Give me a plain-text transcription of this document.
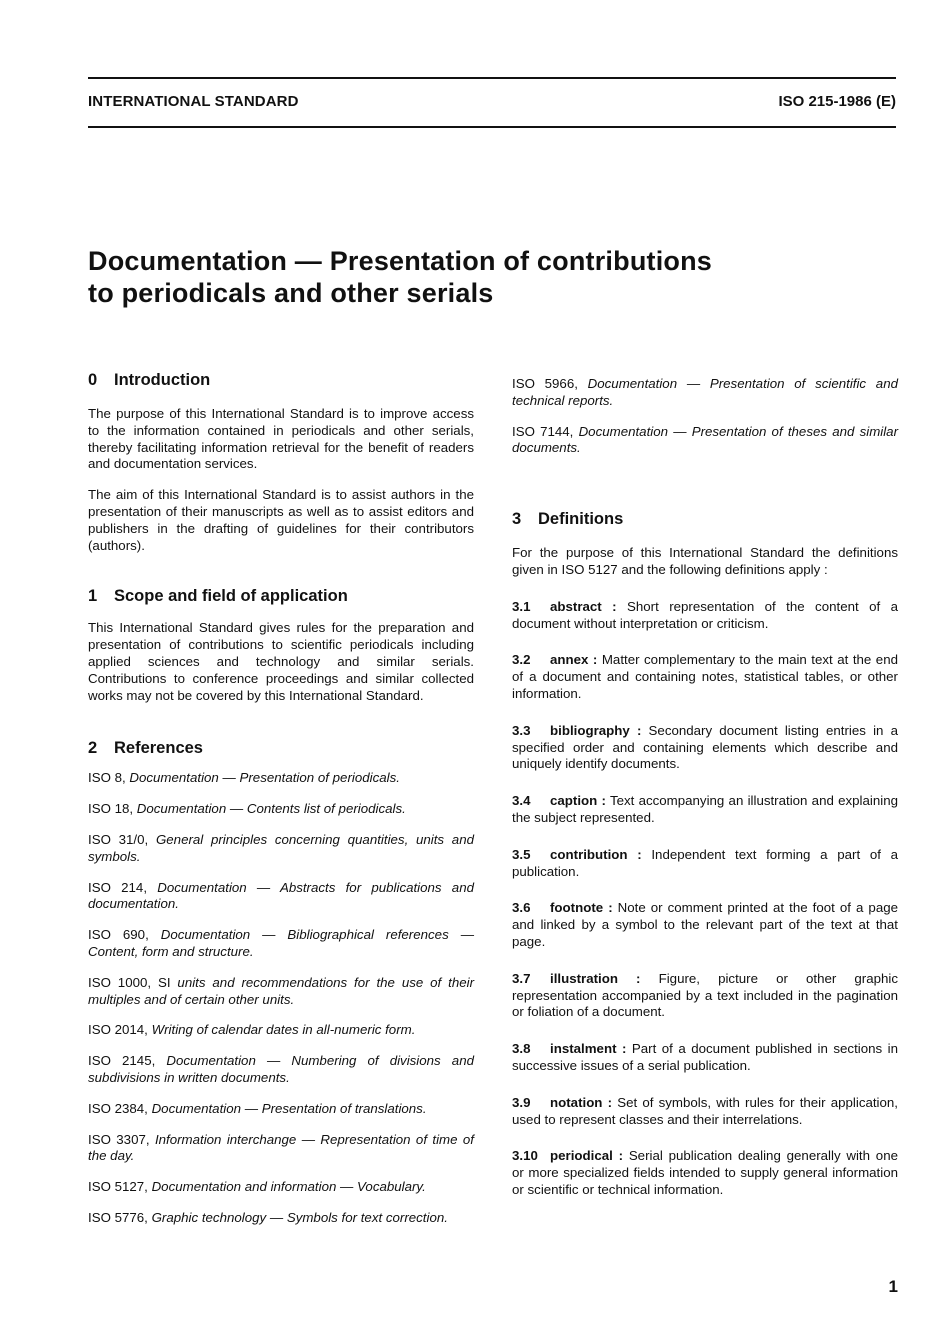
INTERNATIONAL STANDARD	ISO 215-1986 (E)
Documentation — Presentation of contributions
to periodicals and other serials
0 Introduction

The purpose of this International Standard is to improve access to the information contained in periodicals and other serials, thereby facilitating information retrieval for the benefit of readers and documentation services.

The aim of this International Standard is to assist authors in the presentation of their manuscripts as well as to assist editors and publishers in the drafting of guidelines for their contributors (authors).

1 Scope and field of application

This International Standard gives rules for the preparation and presentation of contributions to scientific periodicals including applied sciences and technology and similar serials. Contributions to conference proceedings and similar collected works may not be covered by this International Standard.

2 References

ISO 8, Documentation — Presentation of periodicals.

ISO 18, Documentation — Contents list of periodicals.

ISO 31/0, General principles concerning quantities, units and symbols.

ISO 214, Documentation — Abstracts for publications and documentation.

ISO 690, Documentation — Bibliographical references — Content, form and structure.

ISO 1000, SI units and recommendations for the use of their multiples and of certain other units.

ISO 2014, Writing of calendar dates in all-numeric form.

ISO 2145, Documentation — Numbering of divisions and subdivisions in written documents.

ISO 2384, Documentation — Presentation of translations.

ISO 3307, Information interchange — Representation of time of the day.

ISO 5127, Documentation and information — Vocabulary.

ISO 5776, Graphic technology — Symbols for text correction.

ISO 5966, Documentation — Presentation of scientific and technical reports.

ISO 7144, Documentation — Presentation of theses and similar documents.

3 Definitions

For the purpose of this International Standard the definitions given in ISO 5127 and the following definitions apply :

3.1 abstract : Short representation of the content of a document without interpretation or criticism.

3.2 annex : Matter complementary to the main text at the end of a document and containing notes, statistical tables, or other information.

3.3 bibliography : Secondary document listing entries in a specified order and containing elements which describe and uniquely identify documents.

3.4 caption : Text accompanying an illustration and explaining the subject represented.

3.5 contribution : Independent text forming a part of a publication.

3.6 footnote : Note or comment printed at the foot of a page and linked by a symbol to the relevant part of the text at that page.

3.7 illustration : Figure, picture or other graphic representation accompanied by a text included in the pagination or foliation of a document.

3.8 instalment : Part of a document published in sections in successive issues of a serial publication.

3.9 notation : Set of symbols, with rules for their application, used to represent classes and their interrelations.

3.10 periodical : Serial publication dealing generally with one or more specialized fields intended to supply general information or scientific or technical information.

1
